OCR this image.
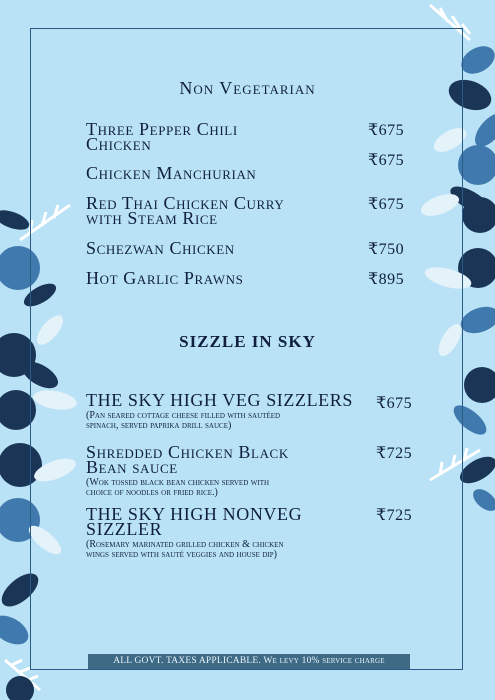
Non Vegetarian
Three Pepper Chili
Chicken
₹675
Chicken Manchurian
₹675
Red Thai Chicken Curry
with Steam Rice
₹675
Schezwan Chicken	₹750
Hot Garlic Prawns	₹895
SIZZLE IN SKY
THE SKY HIGH VEG SIZZLERS
(Pan seared cottage cheese filled with sautéed
spinach, served paprika drill sauce)
₹675
Shredded Chicken Black
Bean sauce
(Wok tossed black bean chicken served with
choice of noodles or fried rice.)
₹725
THE SKY HIGH NONVEG
SIZZLER
(Rosemary marinated grilled chicken & chicken
wings served with sauté veggies and house dip)
₹725
ALL GOVT. TAXES APPLICABLE. We levy 10% service charge
